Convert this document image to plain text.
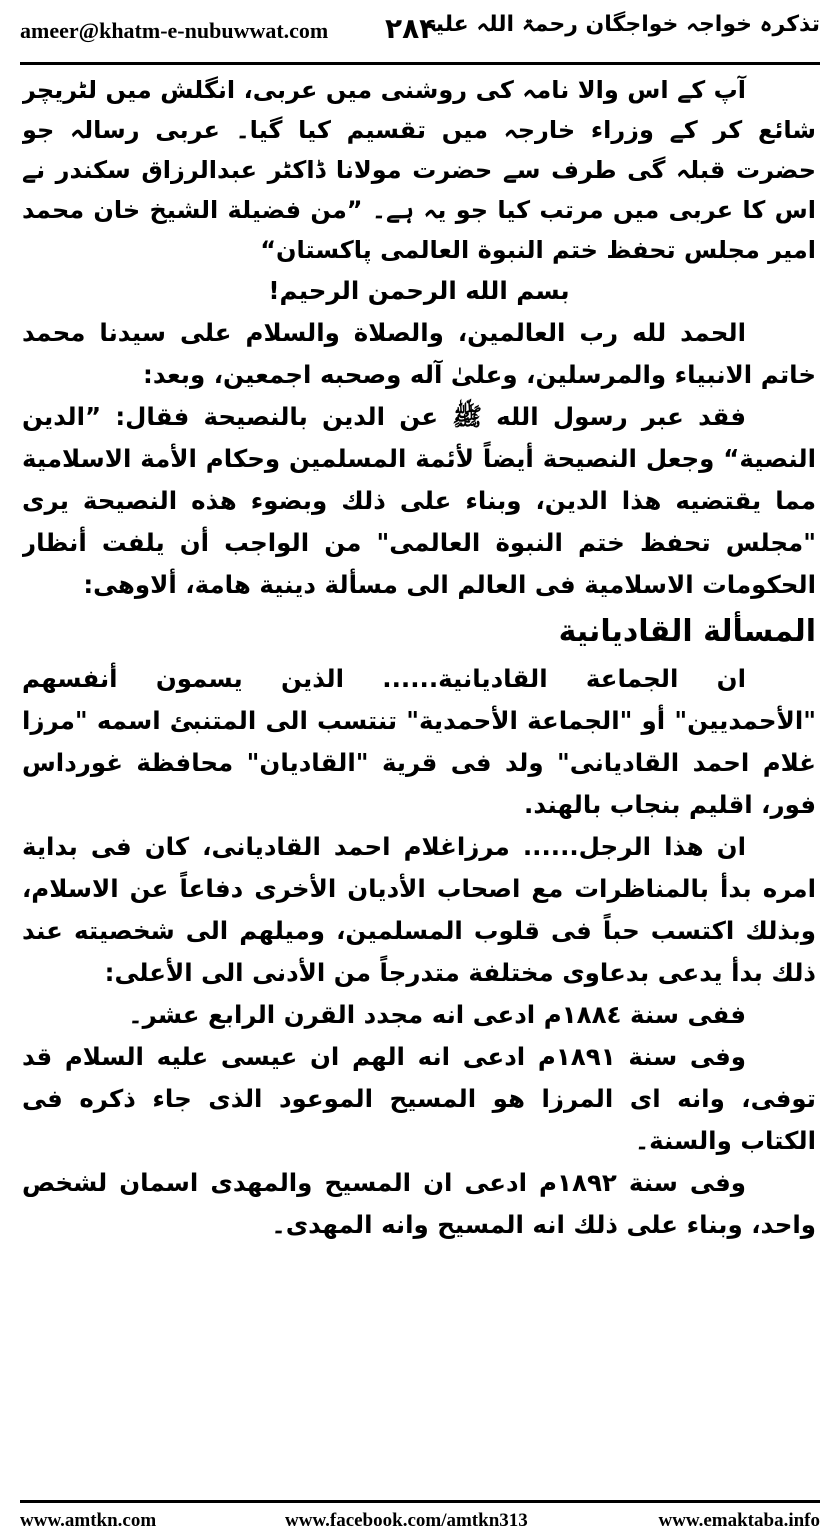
ameer@khatm-e-nubuwwat.com ۲۸۴
تذکرہ خواجہ خواجگان رحمۃ اللہ علیہ

آپ کے اس والا نامہ کی روشنی میں عربی، انگلش میں لٹریچر شائع کر کے وزراء خارجہ میں تقسیم کیا گیا۔ عربی رسالہ جو حضرت قبلہ گی طرف سے حضرت مولانا ڈاکٹر عبدالرزاق سکندر نے اس کا عربی میں مرتب کیا جو یہ ہے۔ ”من فضيلة الشيخ خان محمد امير مجلس تحفظ ختم النبوة العالمی پاکستان“

بسم الله الرحمن الرحيم!

الحمد لله رب العالمين، والصلاة والسلام على سيدنا محمد خاتم الانبياء والمرسلين، وعلىٰ آله وصحبه اجمعين، وبعد:

فقد عبر رسول الله ﷺ عن الدين بالنصيحة فقال: ”الدين النصية“ وجعل النصيحة أيضاً لأئمة المسلمين وحكام الأمة الاسلامية مما يقتضيه هذا الدين، وبناء على ذلك وبضوء هذه النصيحة يرى "مجلس تحفظ ختم النبوة العالمی" من الواجب أن يلفت أنظار الحكومات الاسلامية فى العالم الى مسألة دينية هامة، ألاوهى:

المسألة القاديانية

ان الجماعة القاديانية...... الذين يسمون أنفسهم "الأحمديين" أو "الجماعة الأحمدية" تنتسب الى المتنبئ اسمه "مرزا غلام احمد القاديانى" ولد فى قرية "القاديان" محافظة غورداس فور، اقليم بنجاب بالهند.

ان هذا الرجل...... مرزاغلام احمد القاديانى، كان فى بداية امره بدأ بالمناظرات مع اصحاب الأديان الأخرى دفاعاً عن الاسلام، وبذلك اكتسب حباً فى قلوب المسلمين، وميلهم الى شخصيته عند ذلك بدأ يدعى بدعاوى مختلفة متدرجاً من الأدنى الى الأعلى:

ففى سنة ١٨٨٤م ادعى انه مجدد القرن الرابع عشر۔

وفى سنة ١٨٩١م ادعى انه الهم ان عيسى عليه السلام قد توفى، وانه اى المرزا هو المسيح الموعود الذى جاء ذكره فى الكتاب والسنة۔

وفى سنة ١٨٩٢م ادعى ان المسيح والمهدى اسمان لشخص واحد، وبناء على ذلك انه المسيح وانه المهدى۔

www.amtkn.com	www.facebook.com/amtkn313	www.emaktaba.info
